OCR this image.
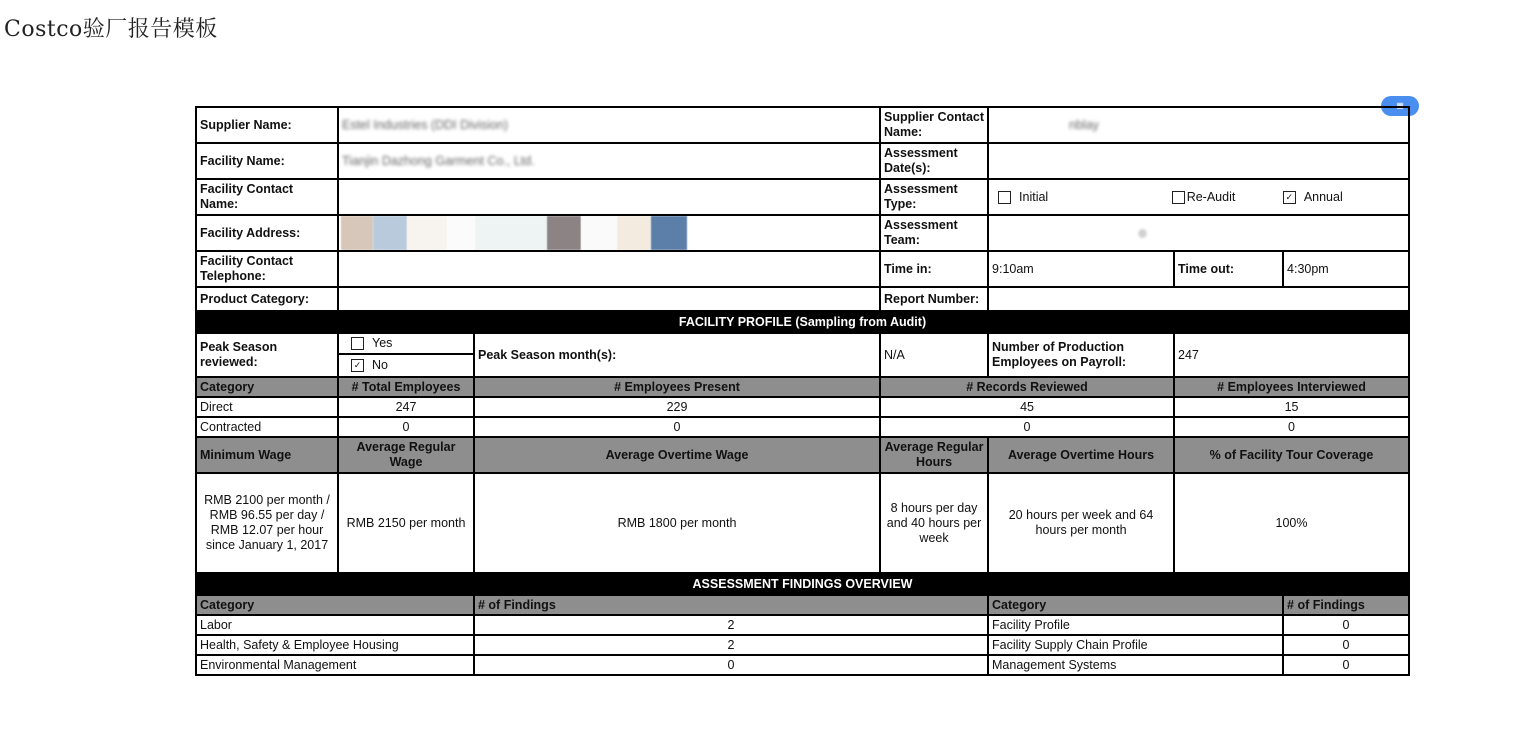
Costco验厂报告模板
▦
Supplier Name:	Estel Industries (DDI Division)		Supplier Contact Name:	nblay		
Facility Name:	Tianjin Dazhong Garment Co., Ltd.		Assessment Date(s):			
Facility Contact Name:			Assessment Type:	Initial Re-Audit ✓ Annual		
Facility Address:			Assessment Team:	o		
Facility Contact Telephone:			Time in:	9:10am	Time out:	4:30pm
Product Category:			Report Number:			
FACILITY PROFILE (Sampling from Audit)						
Peak Season reviewed:	Yes
✓ No	Peak Season month(s):	N/A	Number of Production Employees on Payroll:	247	
Category	# Total Employees	# Employees Present	# Records Reviewed		# Employees Interviewed	
Direct	247	229	45		15	
Contracted	0	0	0		0	
Minimum Wage	Average Regular Wage	Average Overtime Wage	Average Regular Hours	Average Overtime Hours	% of Facility Tour Coverage	
RMB 2100 per month / RMB 96.55 per day / RMB 12.07 per hour since January 1, 2017	RMB 2150 per month	RMB 1800 per month	8 hours per day and 40 hours per week	20 hours per week and 64 hours per month	100%	
ASSESSMENT FINDINGS OVERVIEW						
Category		# of Findings		Category		# of Findings
Labor		2		Facility Profile		0
Health, Safety & Employee Housing		2		Facility Supply Chain Profile		0
Environmental Management		0		Management Systems		0
